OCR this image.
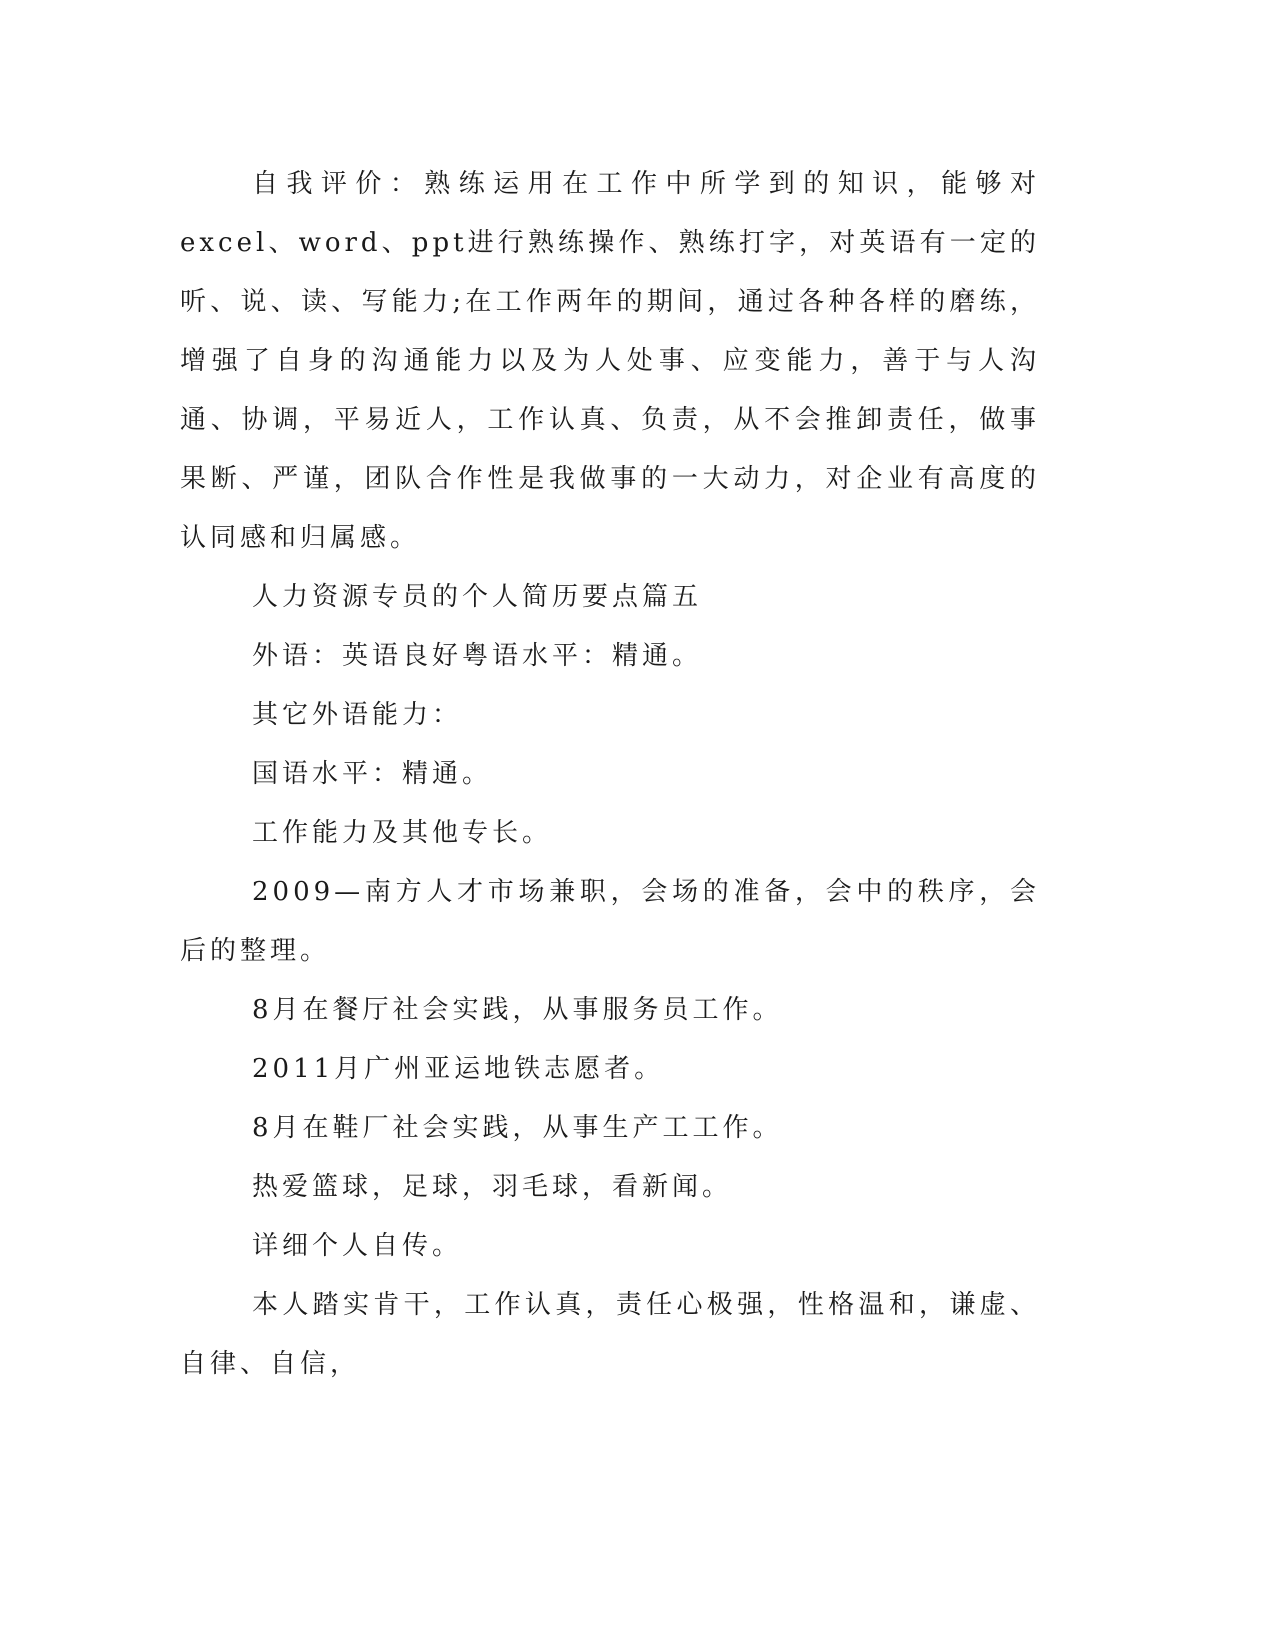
自我评价：熟练运用在工作中所学到的知识，能够对excel、word、ppt进行熟练操作、熟练打字，对英语有一定的听、说、读、写能力;在工作两年的期间，通过各种各样的磨练，增强了自身的沟通能力以及为人处事、应变能力，善于与人沟通、协调，平易近人，工作认真、负责，从不会推卸责任，做事果断、严谨，团队合作性是我做事的一大动力，对企业有高度的认同感和归属感。

人力资源专员的个人简历要点篇五

外语：英语良好粤语水平：精通。

其它外语能力：

国语水平：精通。

工作能力及其他专长。

2009—南方人才市场兼职，会场的准备，会中的秩序，会后的整理。

8月在餐厅社会实践，从事服务员工作。

2011月广州亚运地铁志愿者。

8月在鞋厂社会实践，从事生产工工作。

热爱篮球，足球，羽毛球，看新闻。

详细个人自传。

本人踏实肯干，工作认真，责任心极强，性格温和，谦虚、自律、自信，
